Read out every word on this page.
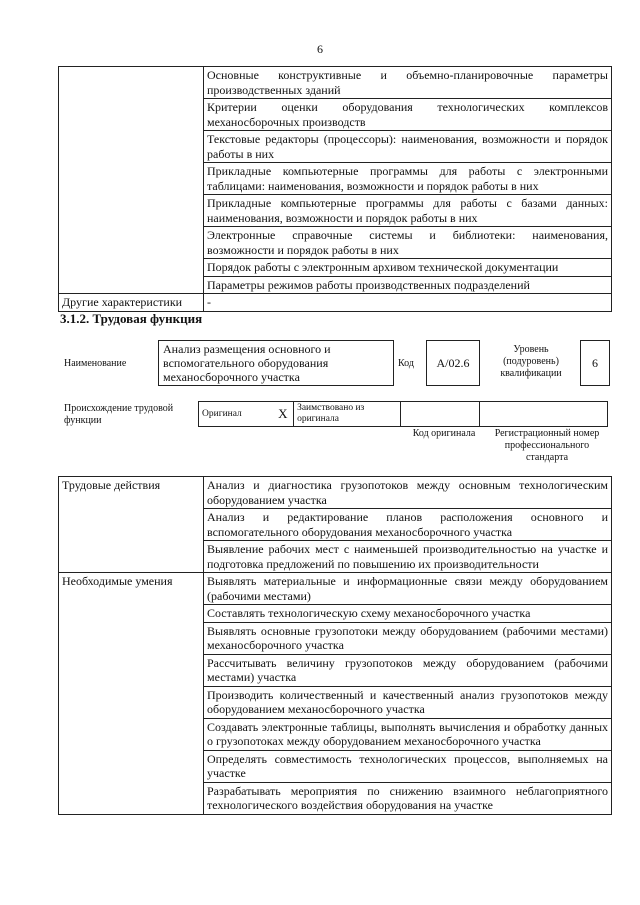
6
	Основные конструктивные и объемно-планировочные параметры производственных зданий
	Критерии оценки оборудования технологических комплексов механосборочных производств
	Текстовые редакторы (процессоры): наименования, возможности и порядок работы в них
	Прикладные компьютерные программы для работы с электронными таблицами: наименования, возможности и порядок работы в них
	Прикладные компьютерные программы для работы с базами данных: наименования, возможности и порядок работы в них
	Электронные справочные системы и библиотеки: наименования, возможности и порядок работы в них
	Порядок работы с электронным архивом технической документации
	Параметры режимов работы производственных подразделений
Другие характеристики	-
3.1.2. Трудовая функция
Наименование
Анализ размещения основного и вспомогательного оборудования механосборочного участка
Код	А/02.6
Уровень (подуровень) квалификации
6
Происхождение трудовой функции
Оригинал	X	Заимствовано из оригинала		
Код оригинала	Регистрационный номер профессионального стандарта
Трудовые действия	Анализ и диагностика грузопотоков между основным технологическим оборудованием участка
	Анализ и редактирование планов расположения основного и вспомогательного оборудования механосборочного участка
	Выявление рабочих мест с наименьшей производительностью на участке и подготовка предложений по повышению их производительности
Необходимые умения	Выявлять материальные и информационные связи между оборудованием (рабочими местами)
	Составлять технологическую схему механосборочного участка
	Выявлять основные грузопотоки между оборудованием (рабочими местами) механосборочного участка
	Рассчитывать величину грузопотоков между оборудованием (рабочими местами) участка
	Производить количественный и качественный анализ грузопотоков между оборудованием механосборочного участка
	Создавать электронные таблицы, выполнять вычисления и обработку данных о грузопотоках между оборудованием механосборочного участка
	Определять совместимость технологических процессов, выполняемых на участке
	Разрабатывать мероприятия по снижению взаимного неблагоприятного технологического воздействия оборудования на участке
